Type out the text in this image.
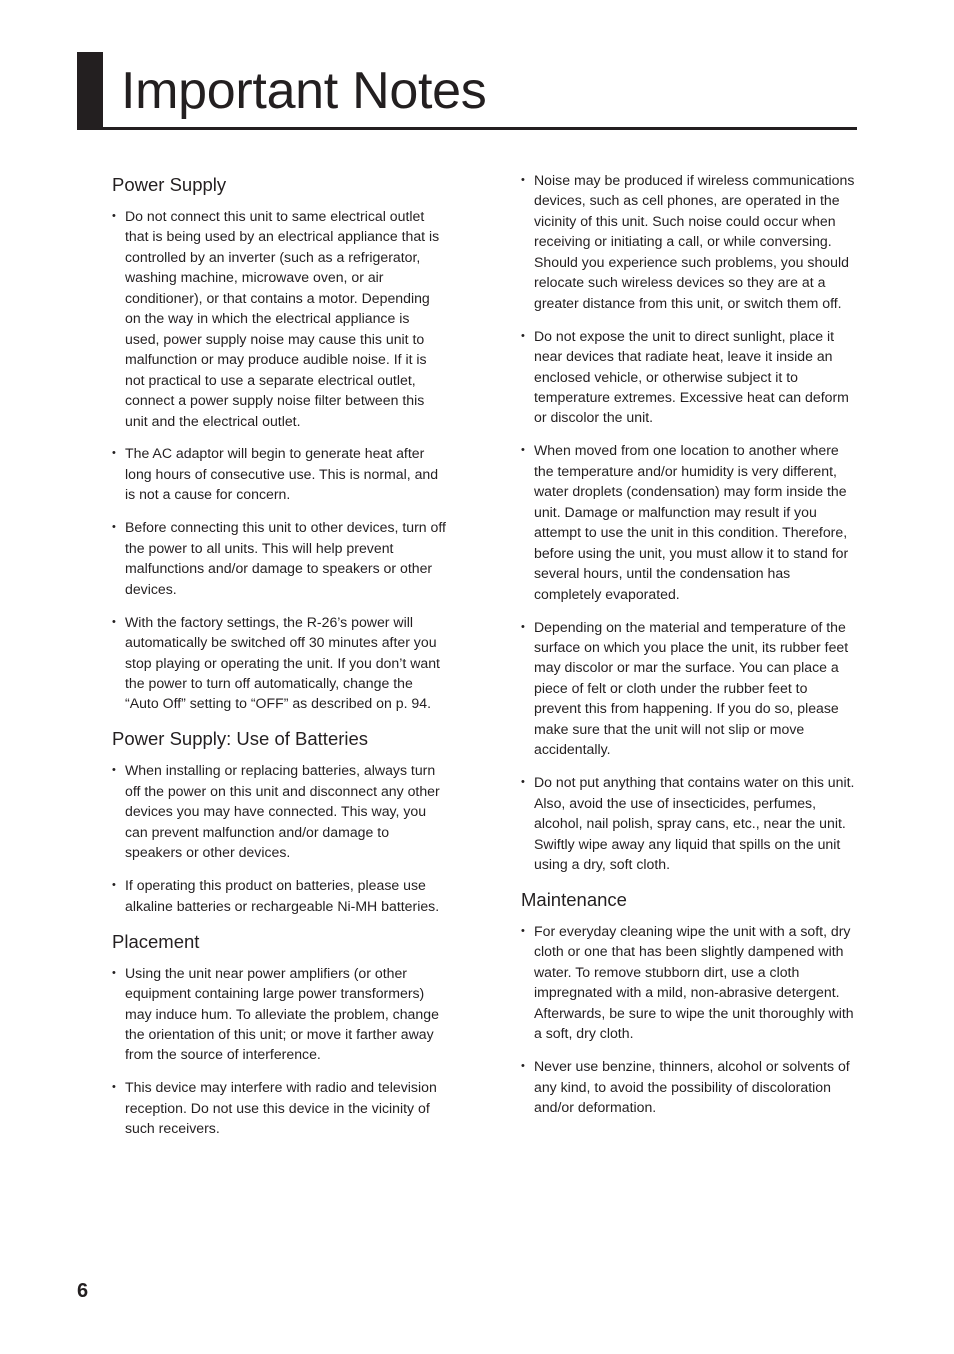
Important Notes
Power Supply
• Do not connect this unit to same electrical outlet that is being used by an electrical appliance that is controlled by an inverter (such as a refrigerator, washing machine, microwave oven, or air conditioner), or that contains a motor. Depending on the way in which the electrical appliance is used, power supply noise may cause this unit to malfunction or may produce audible noise. If it is not practical to use a separate electrical outlet, connect a power supply noise filter between this unit and the electrical outlet.
• The AC adaptor will begin to generate heat after long hours of consecutive use. This is normal, and is not a cause for concern.
• Before connecting this unit to other devices, turn off the power to all units. This will help prevent malfunctions and/or damage to speakers or other devices.
• With the factory settings, the R-26’s power will automatically be switched off 30 minutes after you stop playing or operating the unit. If you don’t want the power to turn off automatically, change the “Auto Off” setting to “OFF” as described on p. 94.
Power Supply: Use of Batteries
• When installing or replacing batteries, always turn off the power on this unit and disconnect any other devices you may have connected. This way, you can prevent malfunction and/or damage to speakers or other devices.
• If operating this product on batteries, please use alkaline batteries or rechargeable Ni-MH batteries.
Placement
• Using the unit near power amplifiers (or other equipment containing large power transformers) may induce hum. To alleviate the problem, change the orientation of this unit; or move it farther away from the source of interference.
• This device may interfere with radio and television reception. Do not use this device in the vicinity of such receivers.
• Noise may be produced if wireless communications devices, such as cell phones, are operated in the vicinity of this unit. Such noise could occur when receiving or initiating a call, or while conversing. Should you experience such problems, you should relocate such wireless devices so they are at a greater distance from this unit, or switch them off.
• Do not expose the unit to direct sunlight, place it near devices that radiate heat, leave it inside an enclosed vehicle, or otherwise subject it to temperature extremes. Excessive heat can deform or discolor the unit.
• When moved from one location to another where the temperature and/or humidity is very different, water droplets (condensation) may form inside the unit. Damage or malfunction may result if you attempt to use the unit in this condition. Therefore, before using the unit, you must allow it to stand for several hours, until the condensation has completely evaporated.
• Depending on the material and temperature of the surface on which you place the unit, its rubber feet may discolor or mar the surface. You can place a piece of felt or cloth under the rubber feet to prevent this from happening. If you do so, please make sure that the unit will not slip or move accidentally.
• Do not put anything that contains water on this unit. Also, avoid the use of insecticides, perfumes, alcohol, nail polish, spray cans, etc., near the unit. Swiftly wipe away any liquid that spills on the unit using a dry, soft cloth.
Maintenance
• For everyday cleaning wipe the unit with a soft, dry cloth or one that has been slightly dampened with water. To remove stubborn dirt, use a cloth impregnated with a mild, non-abrasive detergent. Afterwards, be sure to wipe the unit thoroughly with a soft, dry cloth.
• Never use benzine, thinners, alcohol or solvents of any kind, to avoid the possibility of discoloration and/or deformation.

6
